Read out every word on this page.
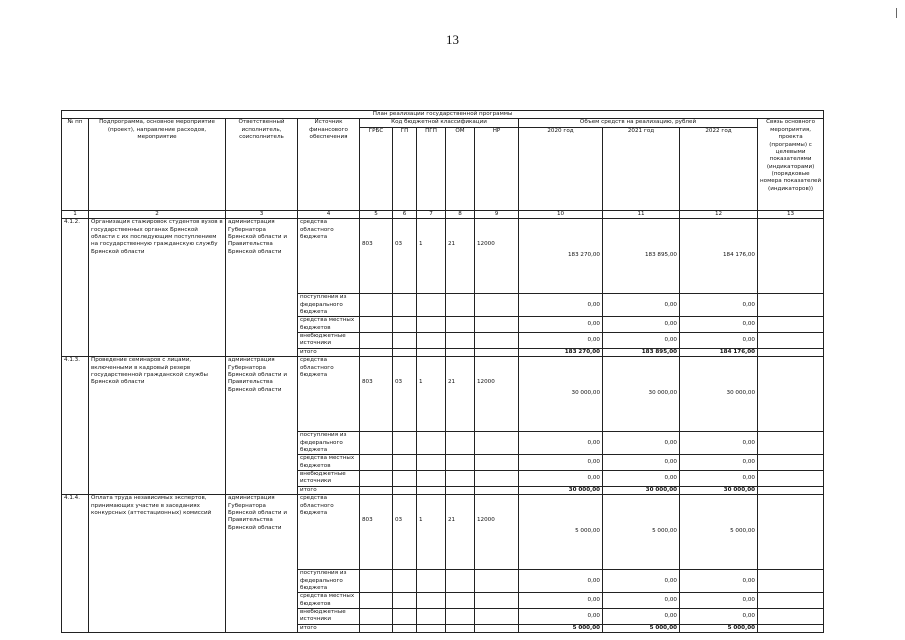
13
План реализации государственной программы												
№ пп	Подпрограмма, основное мероприятие (проект), направление расходов, мероприятие	Ответственный исполнитель, соисполнитель	Источник финансового обеспечения	Код бюджетной классификации					Объем средств на реализацию, рублей			Связь основного мероприятия, проекта (программы) с целевыми показателями (индикаторами) (порядковые номера показателей (индикаторов))
				ГРБС	ГП	ПГП	ОМ	НР	2020 год	2021 год	2022 год	
1	2	3	4	5	6	7	8	9	10	11	12	13
4.1.2.	Организация стажировок студентов вузов в государственных органах Брянской области с их последующим поступлением на государственную гражданскую службу Брянской области	администрация Губернатора Брянской области и Правительства Брянской области	средства областного бюджета	803	03	1	21	12000	183 270,00	183 895,00	184 176,00	
			поступления из федерального бюджета						0,00	0,00	0,00	
			средства местных бюджетов						0,00	0,00	0,00	
			внебюджетные источники						0,00	0,00	0,00	
			итого						183 270,00	183 895,00	184 176,00	
4.1.3.	Проведение семинаров с лицами, включенными в кадровый резерв государственной гражданской службы Брянской области	администрация Губернатора Брянской области и Правительства Брянской области	средства областного бюджета	803	03	1	21	12000	30 000,00	30 000,00	30 000,00	
			поступления из федерального бюджета						0,00	0,00	0,00	
			средства местных бюджетов						0,00	0,00	0,00	
			внебюджетные источники						0,00	0,00	0,00	
			итого						30 000,00	30 000,00	30 000,00	
4.1.4.	Оплата труда независимых экспертов, принимающих участие в заседаниях конкурсных (аттестационных) комиссий	администрация Губернатора Брянской области и Правительства Брянской области	средства областного бюджета	803	03	1	21	12000	5 000,00	5 000,00	5 000,00	
			поступления из федерального бюджета						0,00	0,00	0,00	
			средства местных бюджетов						0,00	0,00	0,00	
			внебюджетные источники						0,00	0,00	0,00	
			итого						5 000,00	5 000,00	5 000,00	
